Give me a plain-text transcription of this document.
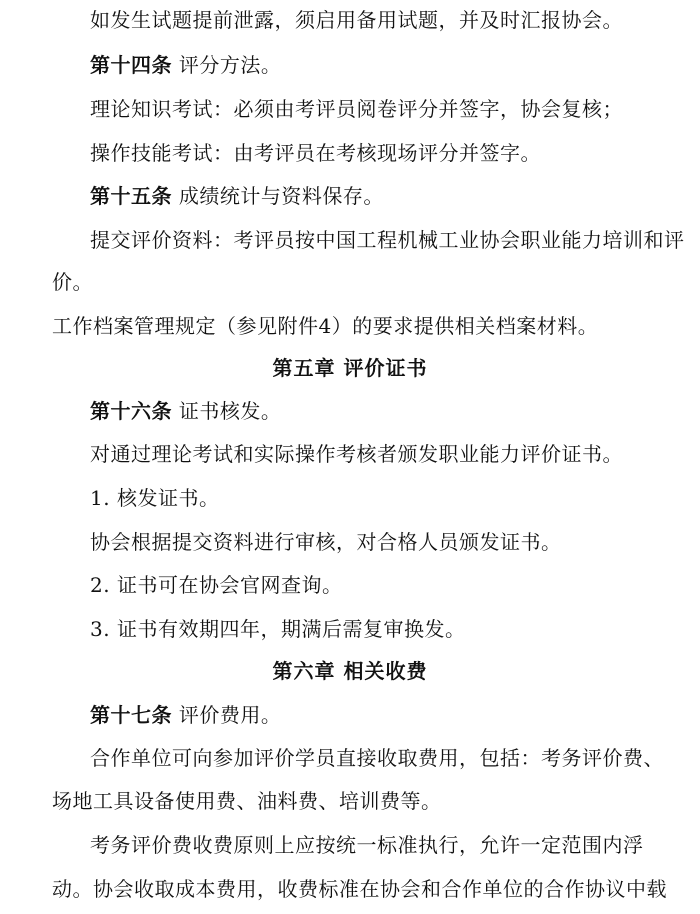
如发生试题提前泄露，须启用备用试题，并及时汇报协会。
第十四条 评分方法。
理论知识考试：必须由考评员阅卷评分并签字，协会复核；
操作技能考试：由考评员在考核现场评分并签字。
第十五条 成绩统计与资料保存。
提交评价资料：考评员按中国工程机械工业协会职业能力培训和评
价。
工作档案管理规定（参见附件4）的要求提供相关档案材料。
第五章 评价证书
第十六条 证书核发。
对通过理论考试和实际操作考核者颁发职业能力评价证书。
1. 核发证书。
协会根据提交资料进行审核，对合格人员颁发证书。
2. 证书可在协会官网查询。
3. 证书有效期四年，期满后需复审换发。
第六章 相关收费
第十七条 评价费用。
合作单位可向参加评价学员直接收取费用，包括：考务评价费、
场地工具设备使用费、油料费、培训费等。
考务评价费收费原则上应按统一标准执行，允许一定范围内浮
动。协会收取成本费用，收费标准在协会和合作单位的合作协议中载
